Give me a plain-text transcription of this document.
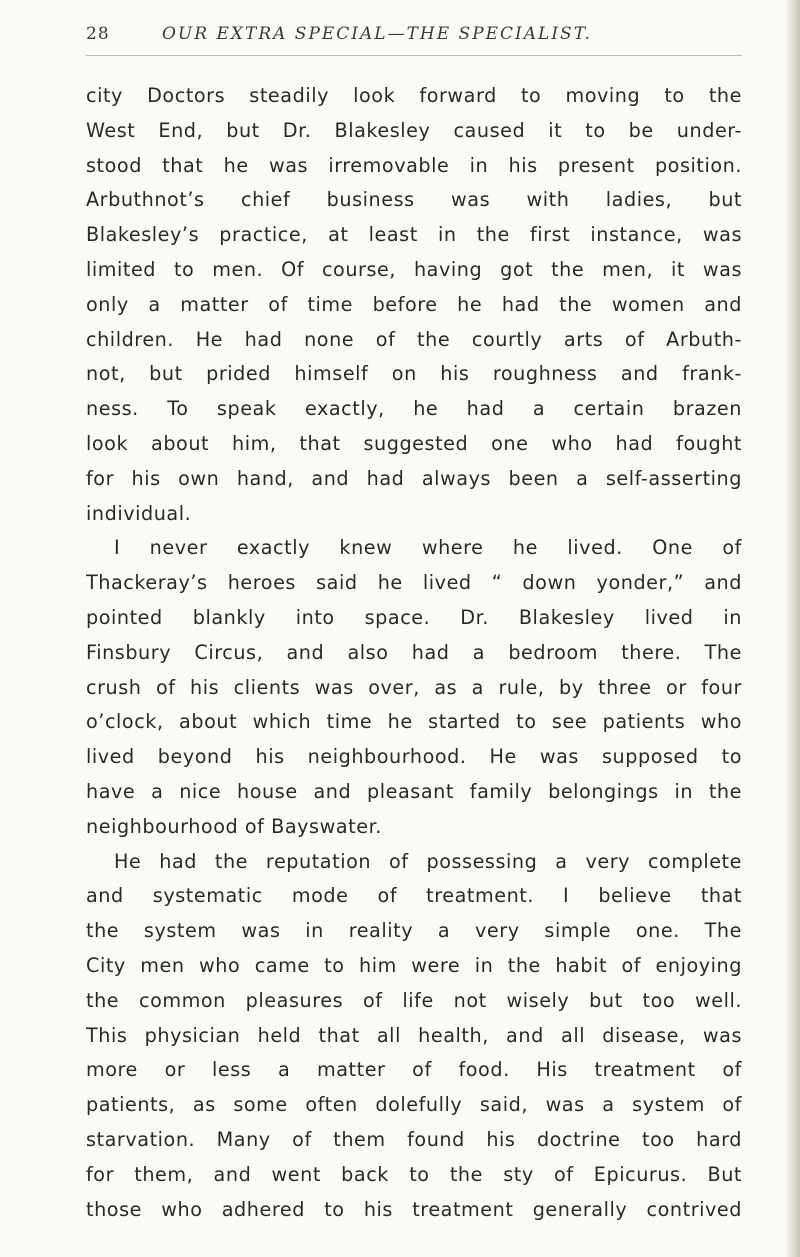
28	OUR EXTRA SPECIAL—THE SPECIALIST.
city Doctors steadily look forward to moving to the
West End, but Dr. Blakesley caused it to be under-
stood that he was irremovable in his present position.
Arbuthnot’s chief business was with ladies, but
Blakesley’s practice, at least in the first instance, was
limited to men. Of course, having got the men, it was
only a matter of time before he had the women and
children. He had none of the courtly arts of Arbuth-
not, but prided himself on his roughness and frank-
ness. To speak exactly, he had a certain brazen
look about him, that suggested one who had fought
for his own hand, and had always been a self-asserting
individual.
I never exactly knew where he lived. One of
Thackeray’s heroes said he lived “ down yonder,” and
pointed blankly into space. Dr. Blakesley lived in
Finsbury Circus, and also had a bedroom there. The
crush of his clients was over, as a rule, by three or four
o’clock, about which time he started to see patients who
lived beyond his neighbourhood. He was supposed to
have a nice house and pleasant family belongings in the
neighbourhood of Bayswater.
He had the reputation of possessing a very complete
and systematic mode of treatment. I believe that
the system was in reality a very simple one. The
City men who came to him were in the habit of enjoying
the common pleasures of life not wisely but too well.
This physician held that all health, and all disease, was
more or less a matter of food. His treatment of
patients, as some often dolefully said, was a system of
starvation. Many of them found his doctrine too hard
for them, and went back to the sty of Epicurus. But
those who adhered to his treatment generally contrived
